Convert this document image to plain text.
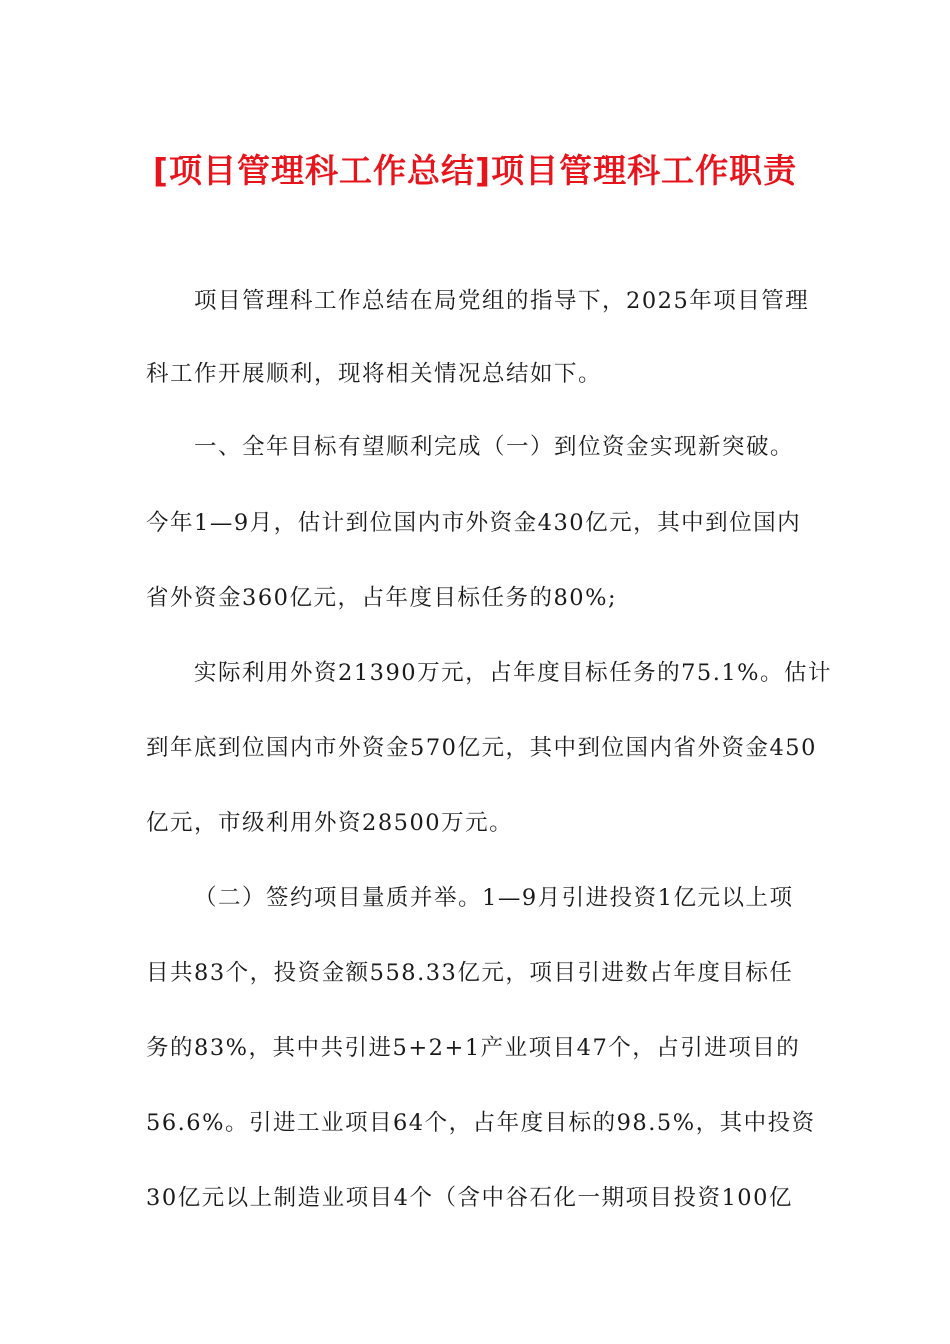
[项目管理科工作总结]项目管理科工作职责

项目管理科工作总结在局党组的指导下，2025年项目管理

科工作开展顺利，现将相关情况总结如下。

一、全年目标有望顺利完成（一）到位资金实现新突破。

今年1—9月，估计到位国内市外资金430亿元，其中到位国内

省外资金360亿元，占年度目标任务的80%;

实际利用外资21390万元，占年度目标任务的75.1%。估计

到年底到位国内市外资金570亿元，其中到位国内省外资金450

亿元，市级利用外资28500万元。

（二）签约项目量质并举。1—9月引进投资1亿元以上项

目共83个，投资金额558.33亿元，项目引进数占年度目标任

务的83%，其中共引进5+2+1产业项目47个，占引进项目的

56.6%。引进工业项目64个，占年度目标的98.5%，其中投资

30亿元以上制造业项目4个（含中谷石化一期项目投资100亿
